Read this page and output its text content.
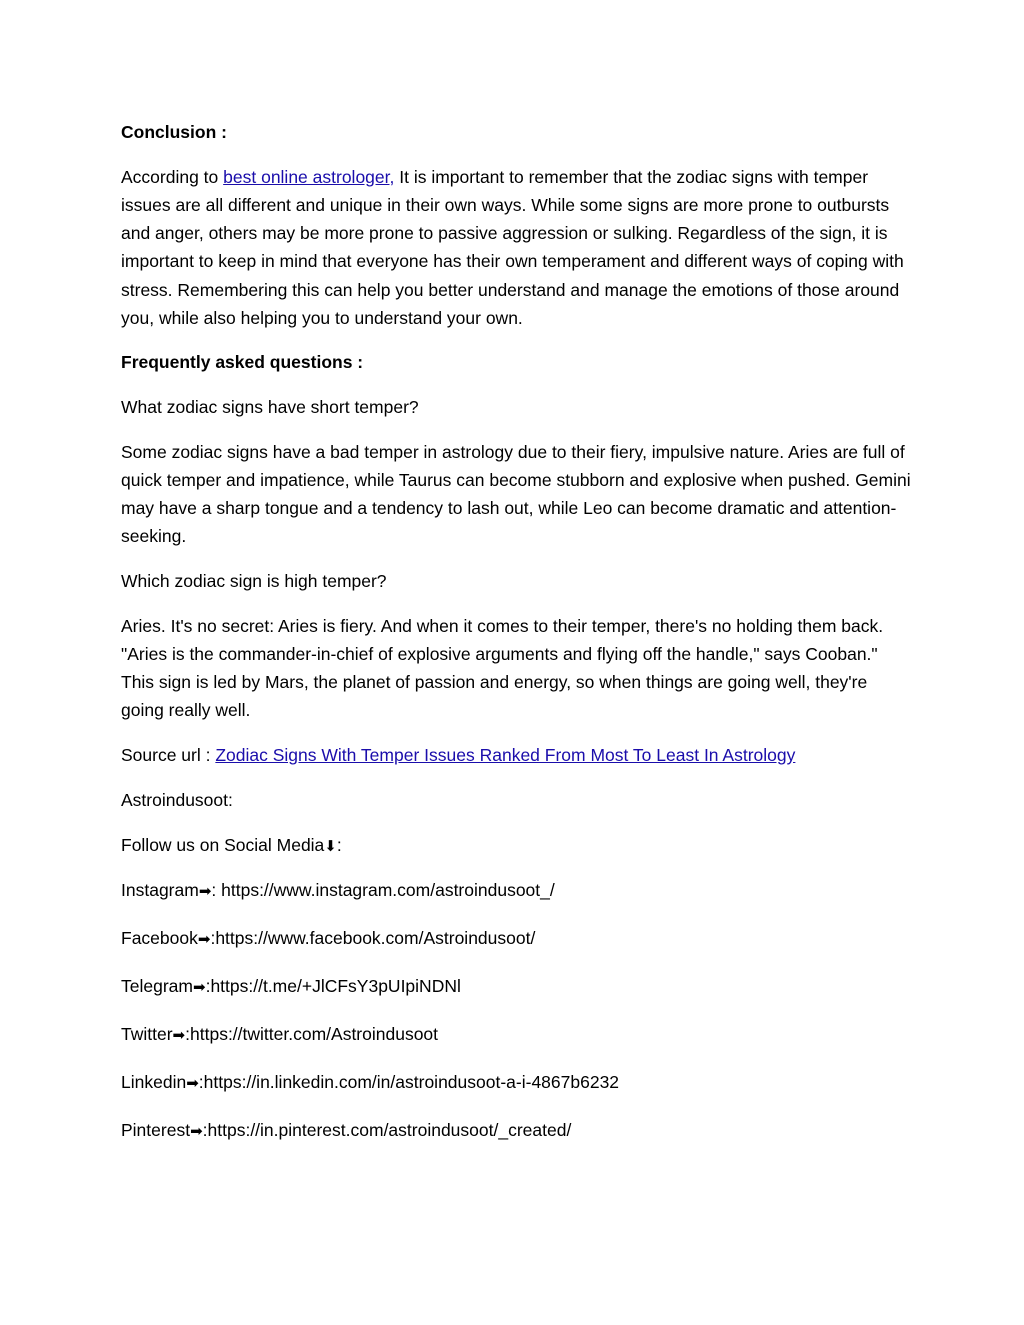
Conclusion :

According to best online astrologer, It is important to remember that the zodiac signs with temper issues are all different and unique in their own ways. While some signs are more prone to outbursts and anger, others may be more prone to passive aggression or sulking. Regardless of the sign, it is important to keep in mind that everyone has their own temperament and different ways of coping with stress. Remembering this can help you better understand and manage the emotions of those around you, while also helping you to understand your own.

Frequently asked questions :

What zodiac signs have short temper?

Some zodiac signs have a bad temper in astrology due to their fiery, impulsive nature. Aries are full of quick temper and impatience, while Taurus can become stubborn and explosive when pushed. Gemini may have a sharp tongue and a tendency to lash out, while Leo can become dramatic and attention-seeking.

Which zodiac sign is high temper?

Aries. It's no secret: Aries is fiery. And when it comes to their temper, there's no holding them back. "Aries is the commander-in-chief of explosive arguments and flying off the handle," says Cooban." This sign is led by Mars, the planet of passion and energy, so when things are going well, they're going really well.

Source url : Zodiac Signs With Temper Issues Ranked From Most To Least In Astrology

Astroindusoot:

Follow us on Social Media⬇:

Instagram➡: https://www.instagram.com/astroindusoot_/

Facebook➡:https://www.facebook.com/Astroindusoot/

Telegram➡:https://t.me/+JlCFsY3pUIpiNDNl

Twitter➡:https://twitter.com/Astroindusoot

Linkedin➡:https://in.linkedin.com/in/astroindusoot-a-i-4867b6232

Pinterest➡:https://in.pinterest.com/astroindusoot/_created/
